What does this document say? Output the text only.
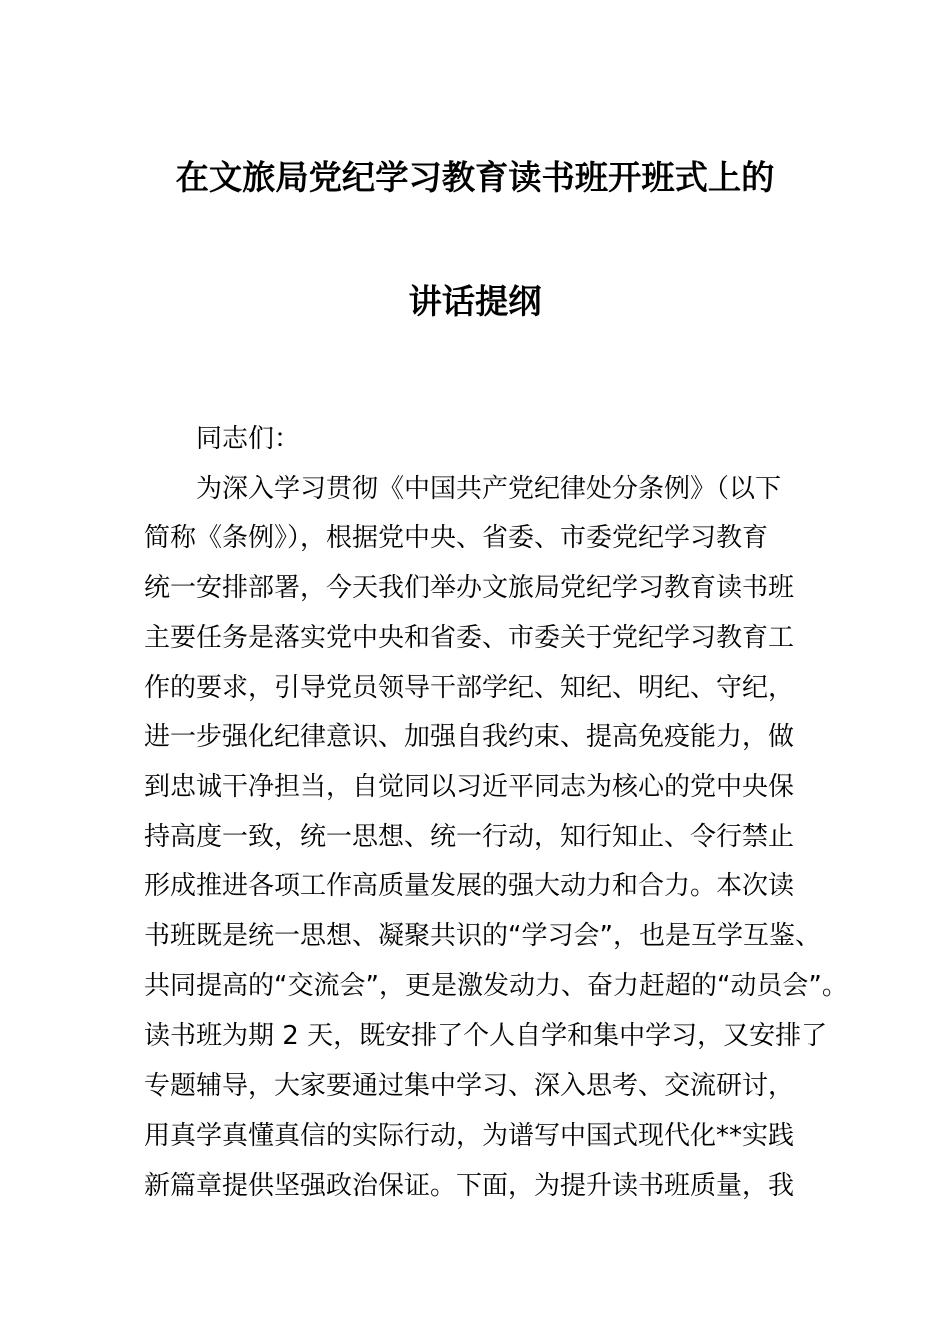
在文旅局党纪学习教育读书班开班式上的
讲话提纲
同志们：
为深入学习贯彻《中国共产党纪律处分条例》（以下
简称《条例》），根据党中央、省委、市委党纪学习教育
统一安排部署，今天我们举办文旅局党纪学习教育读书班
主要任务是落实党中央和省委、市委关于党纪学习教育工
作的要求，引导党员领导干部学纪、知纪、明纪、守纪，
进一步强化纪律意识、加强自我约束、提高免疫能力，做
到忠诚干净担当，自觉同以习近平同志为核心的党中央保
持高度一致，统一思想、统一行动，知行知止、令行禁止
形成推进各项工作高质量发展的强大动力和合力。本次读
书班既是统一思想、凝聚共识的“学习会”，也是互学互鉴、
共同提高的“交流会”，更是激发动力、奋力赶超的“动员会”。
读书班为期 2 天，既安排了个人自学和集中学习，又安排了
专题辅导，大家要通过集中学习、深入思考、交流研讨，
用真学真懂真信的实际行动，为谱写中国式现代化**实践
新篇章提供坚强政治保证。下面，为提升读书班质量，我
